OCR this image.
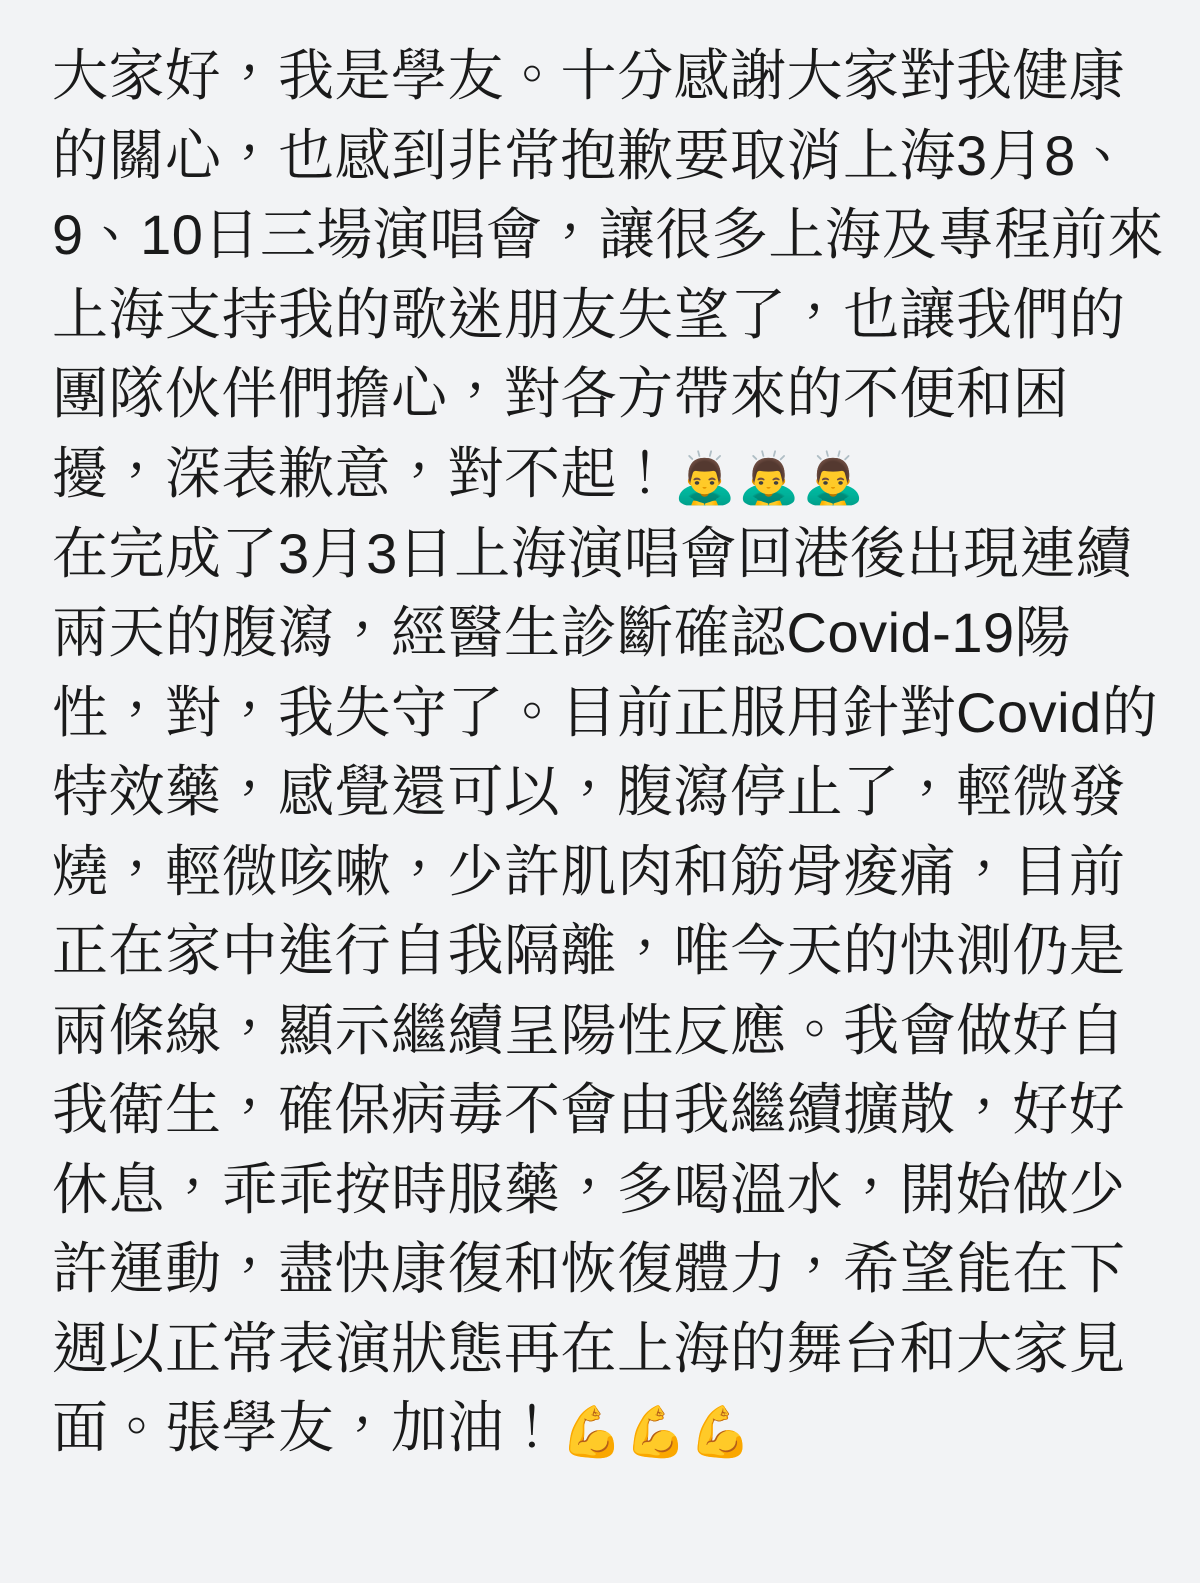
大家好，我是學友。十分感謝大家對我健康的關心，也感到非常抱歉要取消上海3月8、9、10日三場演唱會，讓很多上海及專程前來上海支持我的歌迷朋友失望了，也讓我們的團隊伙伴們擔心，對各方帶來的不便和困擾，深表歉意，對不起！🙇‍♂️🙇‍♂️🙇‍♂️

在完成了3月3日上海演唱會回港後出現連續兩天的腹瀉，經醫生診斷確認Covid-19陽性，對，我失守了。目前正服用針對Covid的特效藥，感覺還可以，腹瀉停止了，輕微發燒，輕微咳嗽，少許肌肉和筋骨痠痛，目前正在家中進行自我隔離，唯今天的快測仍是兩條線，顯示繼續呈陽性反應。我會做好自我衛生，確保病毒不會由我繼續擴散，好好休息，乖乖按時服藥，多喝溫水，開始做少許運動，盡快康復和恢復體力，希望能在下週以正常表演狀態再在上海的舞台和大家見面。張學友，加油！💪💪💪
